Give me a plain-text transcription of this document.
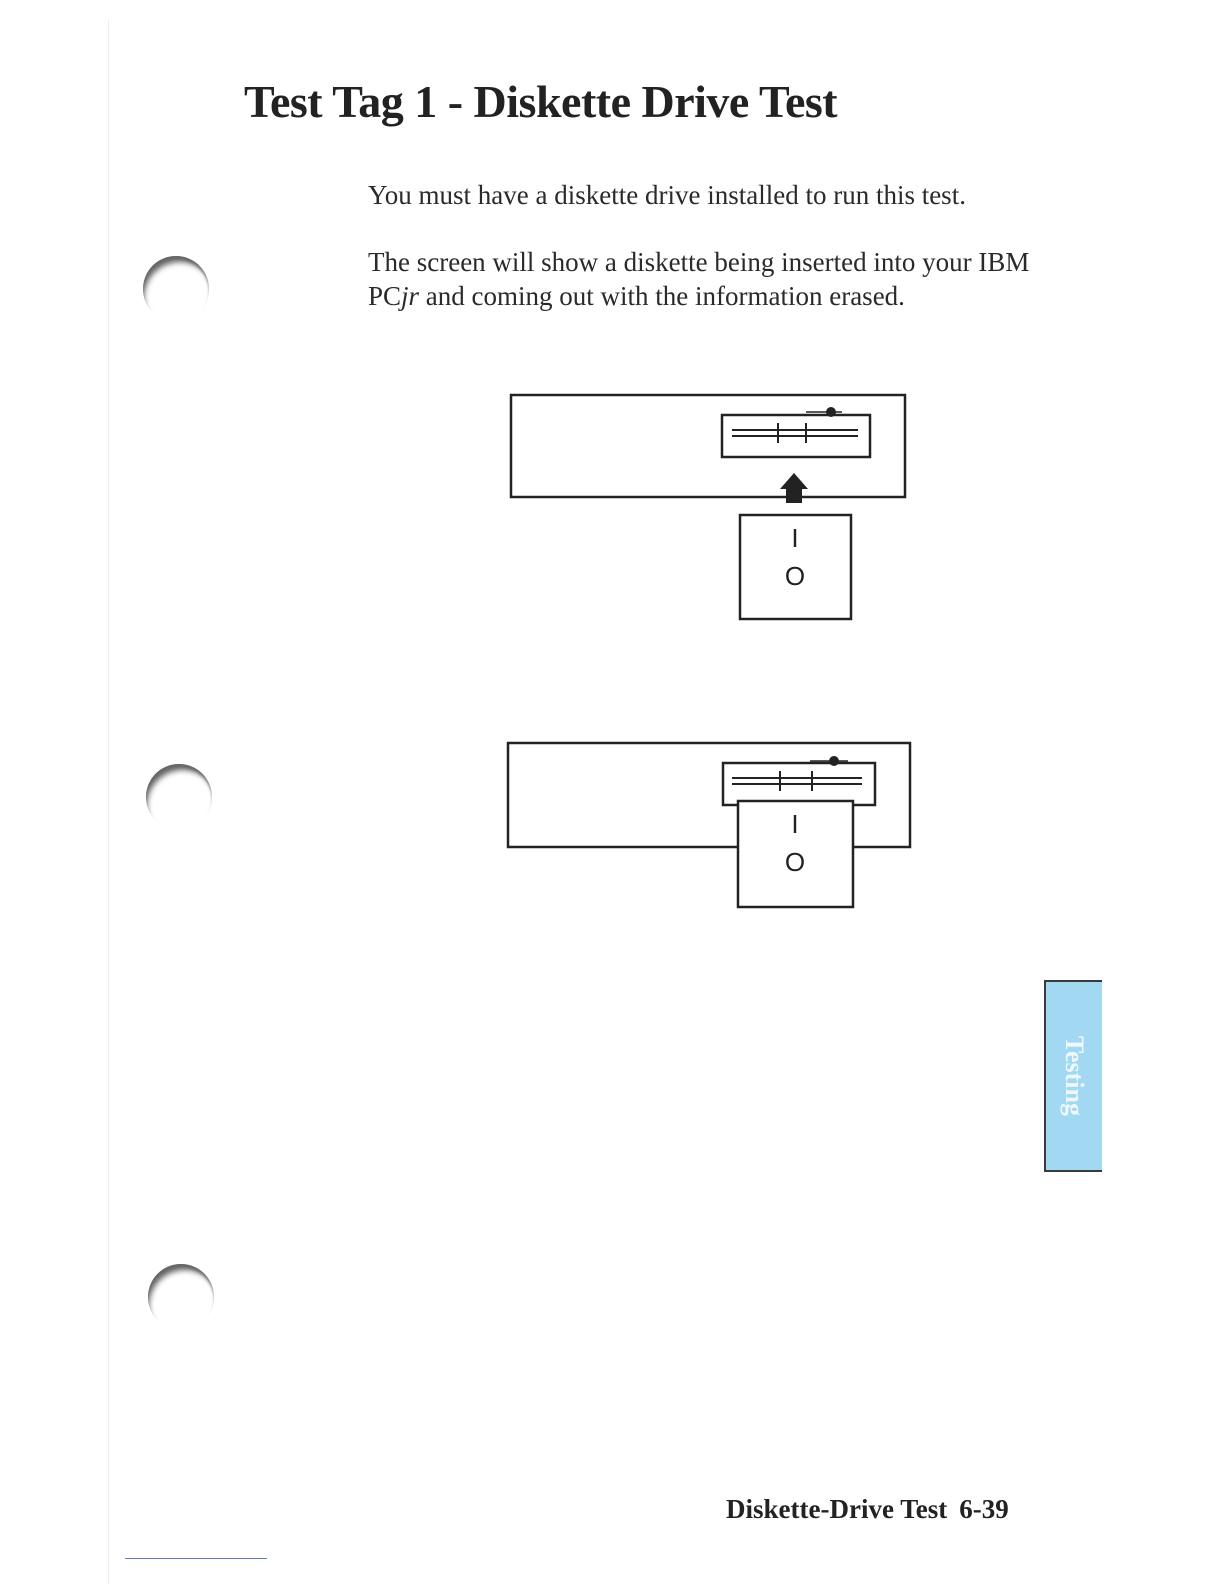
Test Tag 1 - Diskette Drive Test

You must have a diskette drive installed to run this test.

The screen will show a diskette being inserted into your IBM PCjr and coming out with the information erased.

I
O
I
O
Testing

Diskette-Drive Test 6-39
